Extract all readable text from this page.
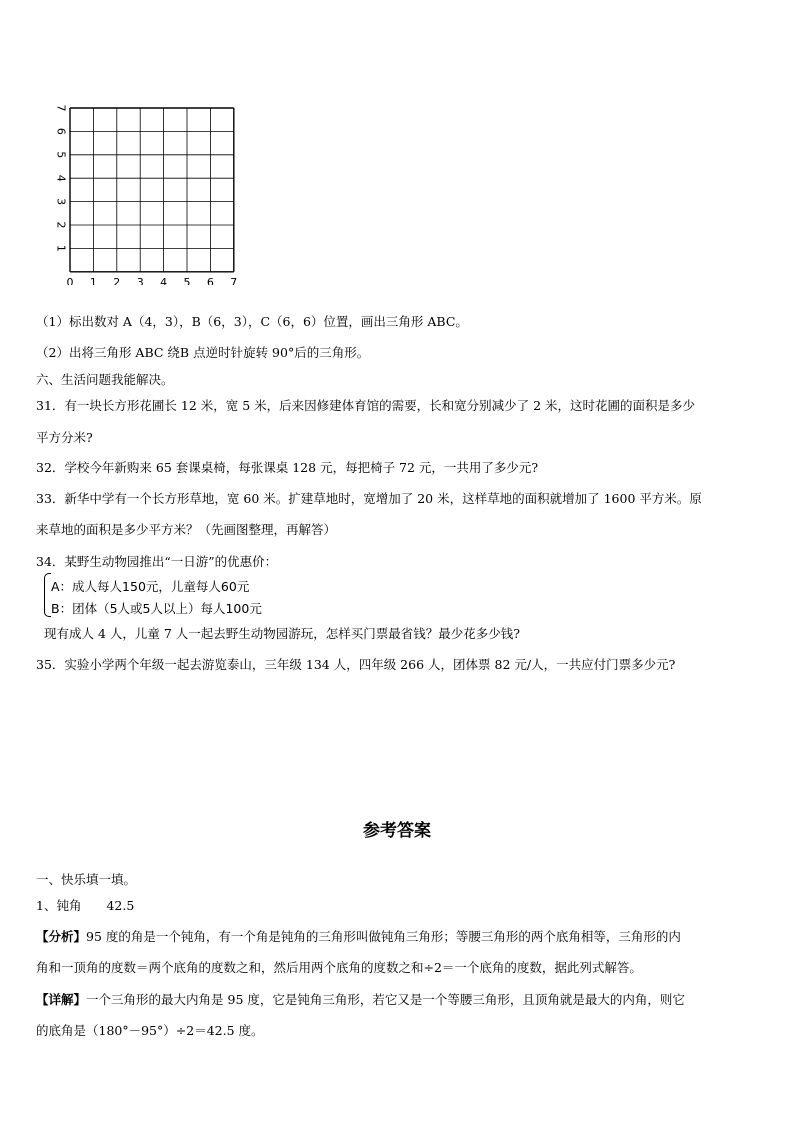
0 1 2 3 4 5 6 7
1
2
3
4
5
6
7
（1）标出数对 A（4，3），B（6，3），C（6，6）位置，画出三角形 ABC。
（2）出将三角形 ABC 绕B 点逆时针旋转 90°后的三角形。
六、生活问题我能解决。
31．有一块长方形花圃长 12 米，宽 5 米，后来因修建体育馆的需要，长和宽分别减少了 2 米，这时花圃的面积是多少
平方分米?
32．学校今年新购来 65 套课桌椅，每张课桌 128 元，每把椅子 72 元，一共用了多少元?
33．新华中学有一个长方形草地，宽 60 米。扩建草地时，宽增加了 20 米，这样草地的面积就增加了 1600 平方米。原
来草地的面积是多少平方米？（先画图整理，再解答）
34．某野生动物园推出“一日游”的优惠价：
A：成人每人150元，儿童每人60元
B：团体（5人或5人以上）每人100元
现有成人 4 人，儿童 7 人一起去野生动物园游玩，怎样买门票最省钱？最少花多少钱?
35．实验小学两个年级一起去游览泰山，三年级 134 人，四年级 266 人，团体票 82 元/人，一共应付门票多少元?
参考答案
一、快乐填一填。
1、钝角　　42.5
【分析】95 度的角是一个钝角，有一个角是钝角的三角形叫做钝角三角形；等腰三角形的两个底角相等，三角形的内
角和一顶角的度数＝两个底角的度数之和，然后用两个底角的度数之和÷2＝一个底角的度数，据此列式解答。
【详解】一个三角形的最大内角是 95 度，它是钝角三角形，若它又是一个等腰三角形，且顶角就是最大的内角，则它
的底角是（180°－95°）÷2＝42.5 度。
